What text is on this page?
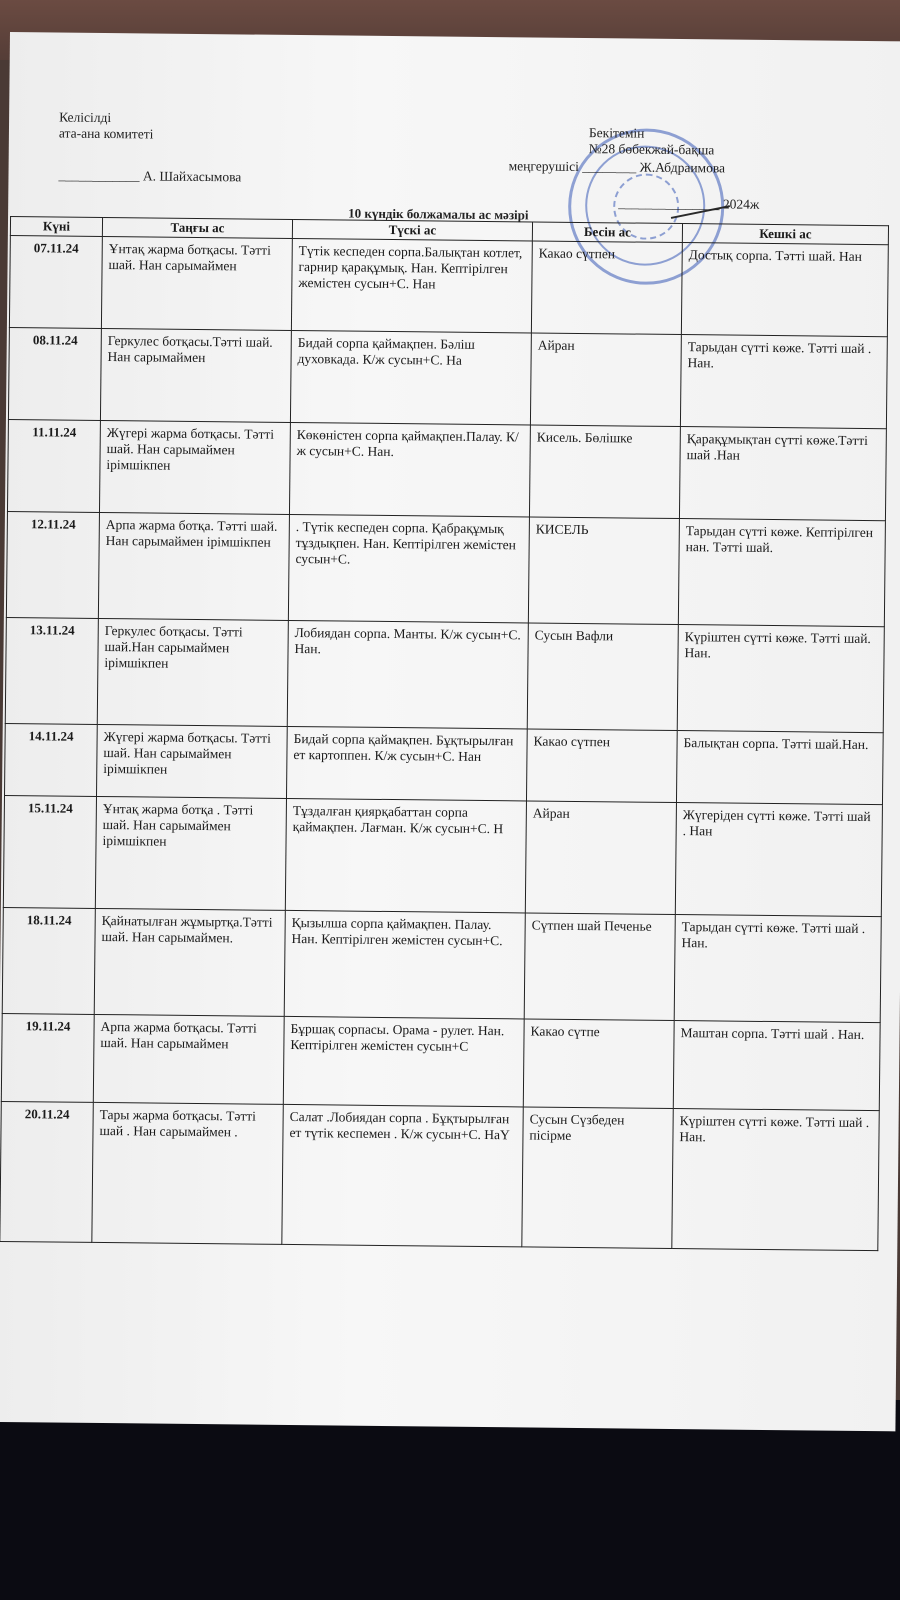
Келісілді
ата-ана комитеті
____________ А. Шайхасымова
Бекітемін
№28 бөбекжай-бақша
меңгерушісі ________ Ж.Абдраимова
_______________ 2024ж
10 күндік болжамалы ас мәзірі
Күні	Таңғы ас	Түскі ас	Бесін ас	Кешкі ас
07.11.24	Ұнтақ жарма ботқасы. Тәтті шай. Нан сарымаймен	Түтік кеспеден сорпа.Балықтан котлет, гарнир қарақұмық. Нан. Кептірілген жемістен сусын+С. Нан	Какао сүтпен	Достық сорпа. Тәтті шай. Нан
08.11.24	Геркулес ботқасы.Тәтті шай. Нан сарымаймен	Бидай сорпа қаймақпен. Бәліш духовкада. К/ж сусын+С. На	Айран	Тарыдан сүтті көже. Тәтті шай . Нан.
11.11.24	Жүгері жарма ботқасы. Тәтті шай. Нан сарымаймен ірімшікпен	Көкөністен сорпа қаймақпен.Палау. К/ж сусын+С. Нан.	Кисель. Бөлішке	Қарақұмықтан сүтті көже.Тәтті шай .Нан
12.11.24	Арпа жарма ботқа. Тәтті шай. Нан сарымаймен ірімшікпен	. Түтік кеспеден сорпа. Қабрақұмық тұздықпен. Нан. Кептірілген жемістен сусын+С.	КИСЕЛЬ	Тарыдан сүтті көже. Кептірілген нан. Тәтті шай.
13.11.24	Геркулес ботқасы. Тәтті шай.Нан сарымаймен ірімшікпен	Лобиядан сорпа. Манты. К/ж сусын+С. Нан.	Сусын Вафли	Күріштен сүтті көже. Тәтті шай. Нан.
14.11.24	Жүгері жарма ботқасы. Тәтті шай. Нан сарымаймен ірімшікпен	Бидай сорпа қаймақпен. Бұқтырылған ет картоппен. К/ж сусын+С. Нан	Какао сүтпен	Балықтан сорпа. Тәтті шай.Нан.
15.11.24	Ұнтақ жарма ботқа . Тәтті шай. Нан сарымаймен ірімшікпен	Тұздалған қиярқабаттан сорпа қаймақпен. Лағман. К/ж сусын+С. Н	Айран	Жүгеріден сүтті көже. Тәтті шай . Нан
18.11.24	Қайнатылған жұмыртқа.Тәтті шай. Нан сарымаймен.	Қызылша сорпа қаймақпен. Палау. Нан. Кептірілген жемістен сусын+С.	Сүтпен шай Печенье	Тарыдан сүтті көже. Тәтті шай . Нан.
19.11.24	Арпа жарма ботқасы. Тәтті шай. Нан сарымаймен	Бұршақ сорпасы. Орама - рулет. Нан. Кептірілген жемістен сусын+С	Какао сүтпе	Маштан сорпа. Тәтті шай . Нан.
20.11.24	Тары жарма ботқасы. Тәтті шай . Нан сарымаймен .	Салат .Лобиядан сорпа . Бұқтырылған ет түтік кеспемен . К/ж сусын+С. НаY	Сусын Сүзбеден пісірме	Күріштен сүтті көже. Тәтті шай . Нан.
